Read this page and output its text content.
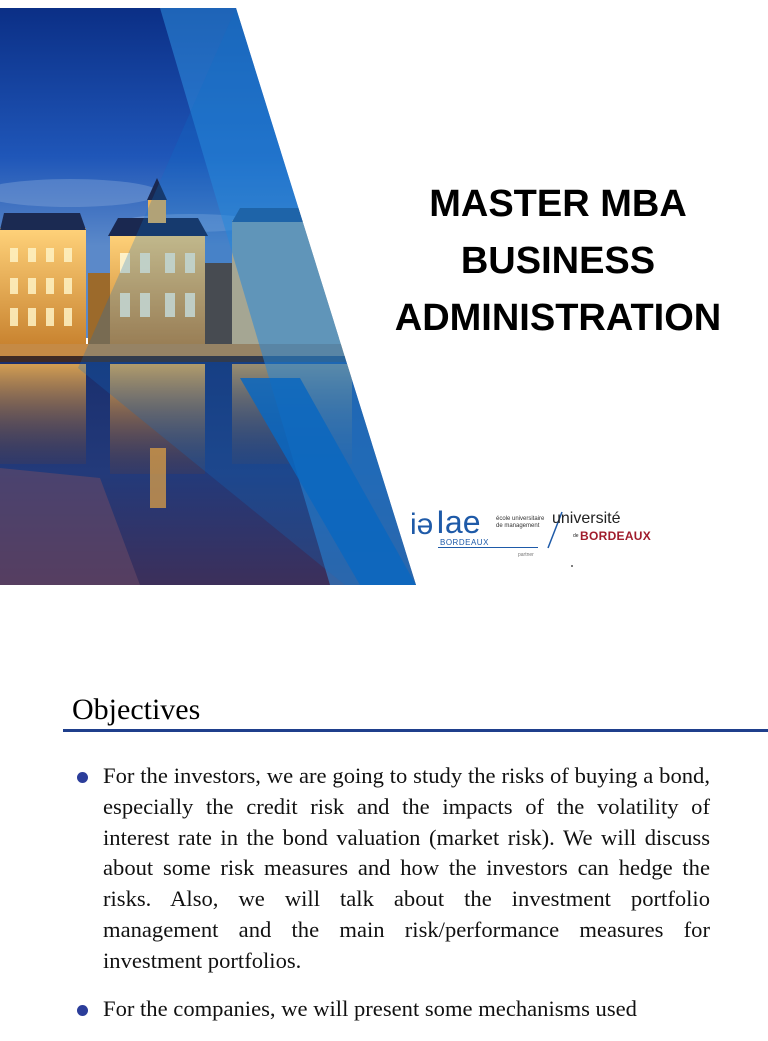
MASTER MBA
BUSINESS
ADMINISTRATION
iə Iae
BORDEAUX
école universitaire
de management
partner
université
de BORDEAUX
Objectives
For the investors, we are going to study the risks of buying a bond, especially the credit risk and the impacts of the volatility of interest rate in the bond valuation (market risk). We will discuss about some risk measures and how the investors can hedge the risks. Also, we will talk about the investment portfolio management and the main risk/performance measures for investment portfolios.
For the companies, we will present some mechanisms used
